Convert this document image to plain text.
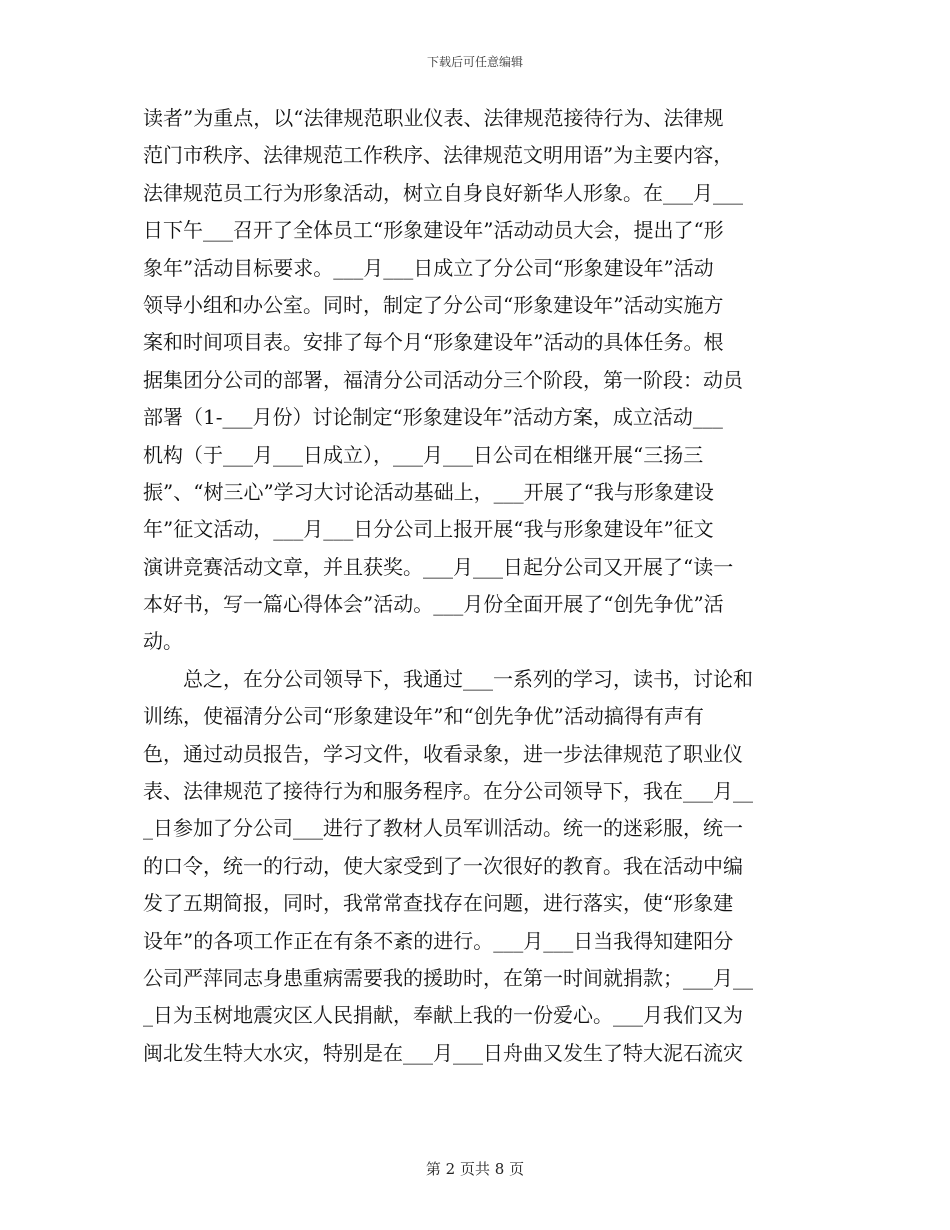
下载后可任意编辑
读者”为重点，以“法律规范职业仪表、法律规范接待行为、法律规
范门市秩序、法律规范工作秩序、法律规范文明用语”为主要内容，
法律规范员工行为形象活动，树立自身良好新华人形象。在___月___
日下午___召开了全体员工“形象建设年”活动动员大会，提出了“形
象年”活动目标要求。___月___日成立了分公司“形象建设年”活动
领导小组和办公室。同时，制定了分公司“形象建设年”活动实施方
案和时间项目表。安排了每个月“形象建设年”活动的具体任务。根
据集团分公司的部署，福清分公司活动分三个阶段，第一阶段：动员
部署（1-___月份）讨论制定“形象建设年”活动方案，成立活动___
机构（于___月___日成立），___月___日公司在相继开展“三扬三
振”、“树三心”学习大讨论活动基础上，___开展了“我与形象建设
年”征文活动，___月___日分公司上报开展“我与形象建设年”征文
演讲竞赛活动文章，并且获奖。___月___日起分公司又开展了“读一
本好书，写一篇心得体会”活动。___月份全面开展了“创先争优”活
动。
　　总之，在分公司领导下，我通过___一系列的学习，读书，讨论和
训练，使福清分公司“形象建设年”和“创先争优”活动搞得有声有
色，通过动员报告，学习文件，收看录象，进一步法律规范了职业仪
表、法律规范了接待行为和服务程序。在分公司领导下，我在___月__
_日参加了分公司___进行了教材人员军训活动。统一的迷彩服，统一
的口令，统一的行动，使大家受到了一次很好的教育。我在活动中编
发了五期简报，同时，我常常查找存在问题，进行落实，使“形象建
设年”的各项工作正在有条不紊的进行。___月___日当我得知建阳分
公司严萍同志身患重病需要我的援助时，在第一时间就捐款；___月__
_日为玉树地震灾区人民捐献，奉献上我的一份爱心。___月我们又为
闽北发生特大水灾，特别是在___月___日舟曲又发生了特大泥石流灾
第 2 页共 8 页
